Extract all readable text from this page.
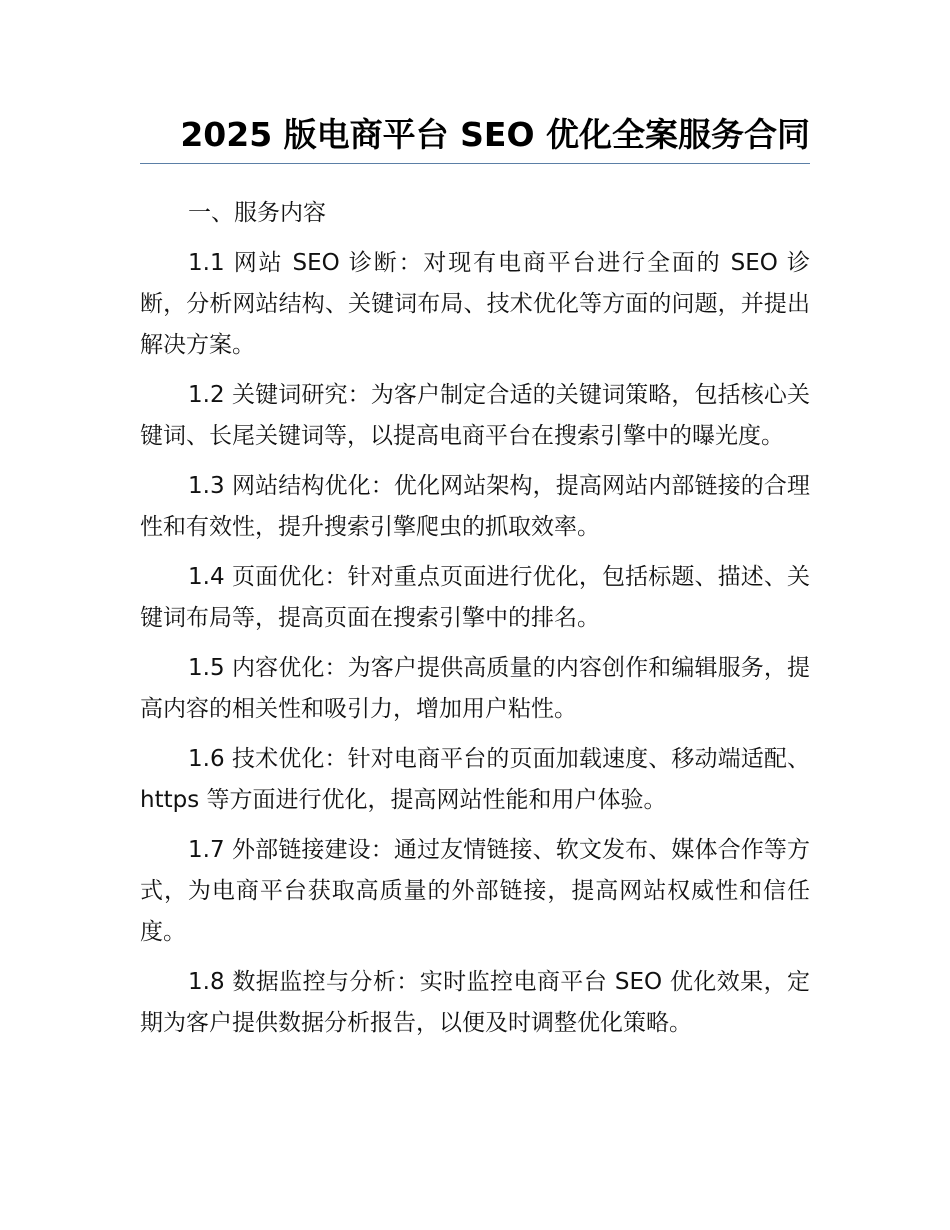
2025 版电商平台 SEO 优化全案服务合同

一、服务内容

1.1 网站 SEO 诊断：对现有电商平台进行全面的 SEO 诊断，分析网站结构、关键词布局、技术优化等方面的问题，并提出解决方案。

1.2 关键词研究：为客户制定合适的关键词策略，包括核心关键词、长尾关键词等，以提高电商平台在搜索引擎中的曝光度。

1.3 网站结构优化：优化网站架构，提高网站内部链接的合理性和有效性，提升搜索引擎爬虫的抓取效率。

1.4 页面优化：针对重点页面进行优化，包括标题、描述、关键词布局等，提高页面在搜索引擎中的排名。

1.5 内容优化：为客户提供高质量的内容创作和编辑服务，提高内容的相关性和吸引力，增加用户粘性。

1.6 技术优化：针对电商平台的页面加载速度、移动端适配、https 等方面进行优化，提高网站性能和用户体验。

1.7 外部链接建设：通过友情链接、软文发布、媒体合作等方式，为电商平台获取高质量的外部链接，提高网站权威性和信任度。

1.8 数据监控与分析：实时监控电商平台 SEO 优化效果，定期为客户提供数据分析报告，以便及时调整优化策略。
